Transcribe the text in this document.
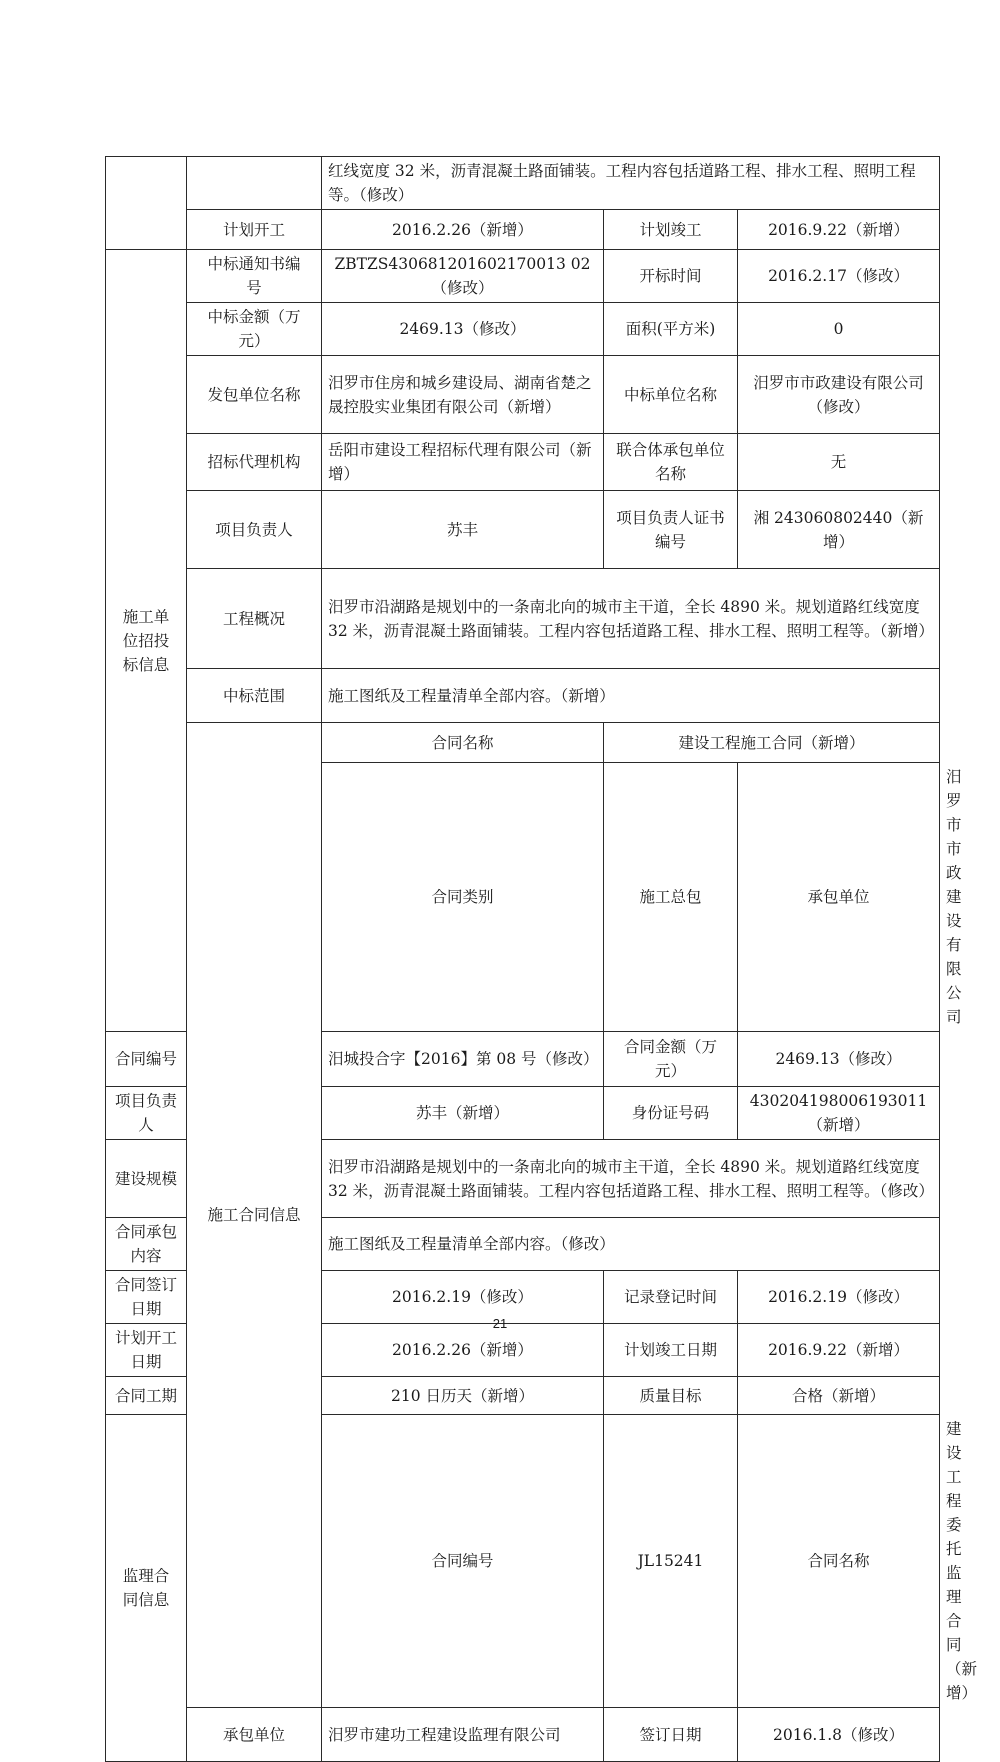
		红线宽度 32 米，沥青混凝土路面铺装。工程内容包括道路工程、排水工程、照明工程等。（修改）			
	计划开工	2016.2.26（新增）	计划竣工	2016.9.22（新增）	
施工单位招投标信息	中标通知书编号	ZBTZS430681201602170013 02（修改）	开标时间	2016.2.17（修改）	
	中标金额（万元）	2469.13（修改）	面积(平方米)	0	
	发包单位名称	汨罗市住房和城乡建设局、湖南省楚之晟控股实业集团有限公司（新增）	中标单位名称	汨罗市市政建设有限公司（修改）	
	招标代理机构	岳阳市建设工程招标代理有限公司（新增）	联合体承包单位名称	无	
	项目负责人	苏丰	项目负责人证书编号	湘 243060802440（新增）	
	工程概况	汨罗市沿湖路是规划中的一条南北向的城市主干道，全长 4890 米。规划道路红线宽度 32 米，沥青混凝土路面铺装。工程内容包括道路工程、排水工程、照明工程等。（新增）			
	中标范围	施工图纸及工程量清单全部内容。（新增）			
	施工合同信息	合同名称	建设工程施工合同（新增）		
		合同类别	施工总包	承包单位	汨罗市市政建设有限公司
合同编号		汨城投合字【2016】第 08 号（修改）	合同金额（万元）	2469.13（修改）	
项目负责人		苏丰（新增）	身份证号码	430204198006193011（新增）	
建设规模		汨罗市沿湖路是规划中的一条南北向的城市主干道，全长 4890 米。规划道路红线宽度 32 米，沥青混凝土路面铺装。工程内容包括道路工程、排水工程、照明工程等。（修改）			
合同承包内容		施工图纸及工程量清单全部内容。（修改）			
合同签订日期		2016.2.19（修改）	记录登记时间	2016.2.19（修改）	
计划开工日期		2016.2.26（新增）	计划竣工日期	2016.9.22（新增）	
合同工期		210 日历天（新增）	质量目标	合格（新增）	
监理合同信息		合同编号	JL15241	合同名称	建设工程委托监理合同（新增）
	承包单位	汨罗市建功工程建设监理有限公司	签订日期	2016.1.8（修改）	
21
